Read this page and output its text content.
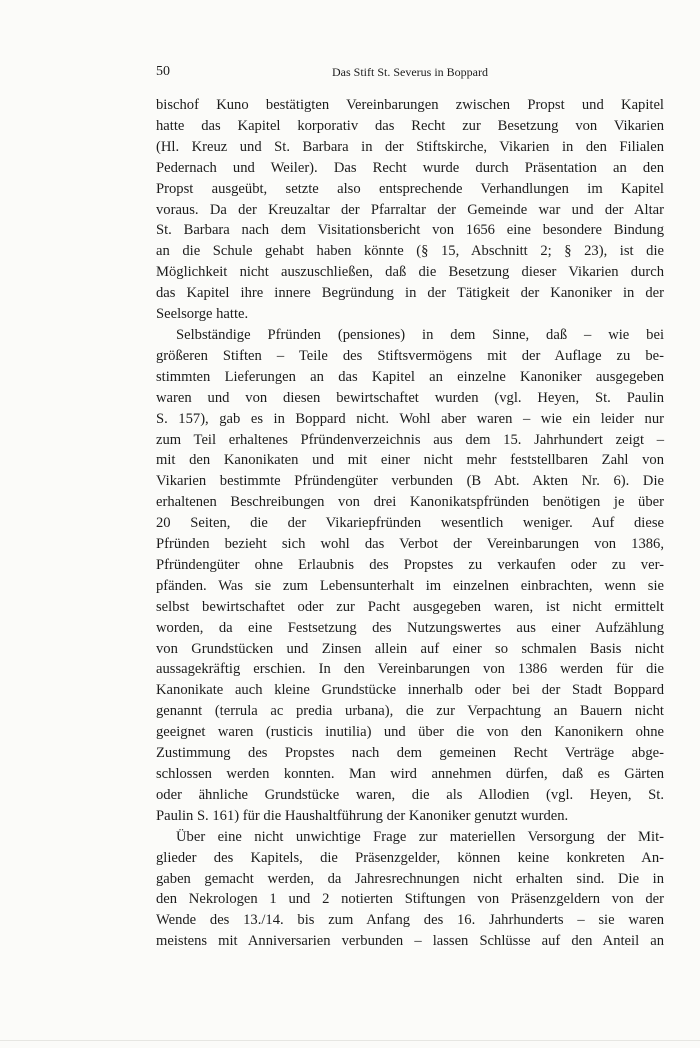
50	Das Stift St. Severus in Boppard
bischof Kuno bestätigten Vereinbarungen zwischen Propst und Kapitel
hatte das Kapitel korporativ das Recht zur Besetzung von Vikarien
(Hl. Kreuz und St. Barbara in der Stiftskirche, Vikarien in den Filialen
Pedernach und Weiler). Das Recht wurde durch Präsentation an den
Propst ausgeübt, setzte also entsprechende Verhandlungen im Kapitel
voraus. Da der Kreuzaltar der Pfarraltar der Gemeinde war und der Altar
St. Barbara nach dem Visitationsbericht von 1656 eine besondere Bindung
an die Schule gehabt haben könnte (§ 15, Abschnitt 2; § 23), ist die
Möglichkeit nicht auszuschließen, daß die Besetzung dieser Vikarien durch
das Kapitel ihre innere Begründung in der Tätigkeit der Kanoniker in der
Seelsorge hatte.
Selbständige Pfründen (pensiones) in dem Sinne, daß – wie bei
größeren Stiften – Teile des Stiftsvermögens mit der Auflage zu be-
stimmten Lieferungen an das Kapitel an einzelne Kanoniker ausgegeben
waren und von diesen bewirtschaftet wurden (vgl. Heyen, St. Paulin
S. 157), gab es in Boppard nicht. Wohl aber waren – wie ein leider nur
zum Teil erhaltenes Pfründenverzeichnis aus dem 15. Jahrhundert zeigt –
mit den Kanonikaten und mit einer nicht mehr feststellbaren Zahl von
Vikarien bestimmte Pfründengüter verbunden (B Abt. Akten Nr. 6). Die
erhaltenen Beschreibungen von drei Kanonikatspfründen benötigen je über
20 Seiten, die der Vikariepfründen wesentlich weniger. Auf diese
Pfründen bezieht sich wohl das Verbot der Vereinbarungen von 1386,
Pfründengüter ohne Erlaubnis des Propstes zu verkaufen oder zu ver-
pfänden. Was sie zum Lebensunterhalt im einzelnen einbrachten, wenn sie
selbst bewirtschaftet oder zur Pacht ausgegeben waren, ist nicht ermittelt
worden, da eine Festsetzung des Nutzungswertes aus einer Aufzählung
von Grundstücken und Zinsen allein auf einer so schmalen Basis nicht
aussagekräftig erschien. In den Vereinbarungen von 1386 werden für die
Kanonikate auch kleine Grundstücke innerhalb oder bei der Stadt Boppard
genannt (terrula ac predia urbana), die zur Verpachtung an Bauern nicht
geeignet waren (rusticis inutilia) und über die von den Kanonikern ohne
Zustimmung des Propstes nach dem gemeinen Recht Verträge abge-
schlossen werden konnten. Man wird annehmen dürfen, daß es Gärten
oder ähnliche Grundstücke waren, die als Allodien (vgl. Heyen, St.
Paulin S. 161) für die Haushaltführung der Kanoniker genutzt wurden.
Über eine nicht unwichtige Frage zur materiellen Versorgung der Mit-
glieder des Kapitels, die Präsenzgelder, können keine konkreten An-
gaben gemacht werden, da Jahresrechnungen nicht erhalten sind. Die in
den Nekrologen 1 und 2 notierten Stiftungen von Präsenzgeldern von der
Wende des 13./14. bis zum Anfang des 16. Jahrhunderts – sie waren
meistens mit Anniversarien verbunden – lassen Schlüsse auf den Anteil an
